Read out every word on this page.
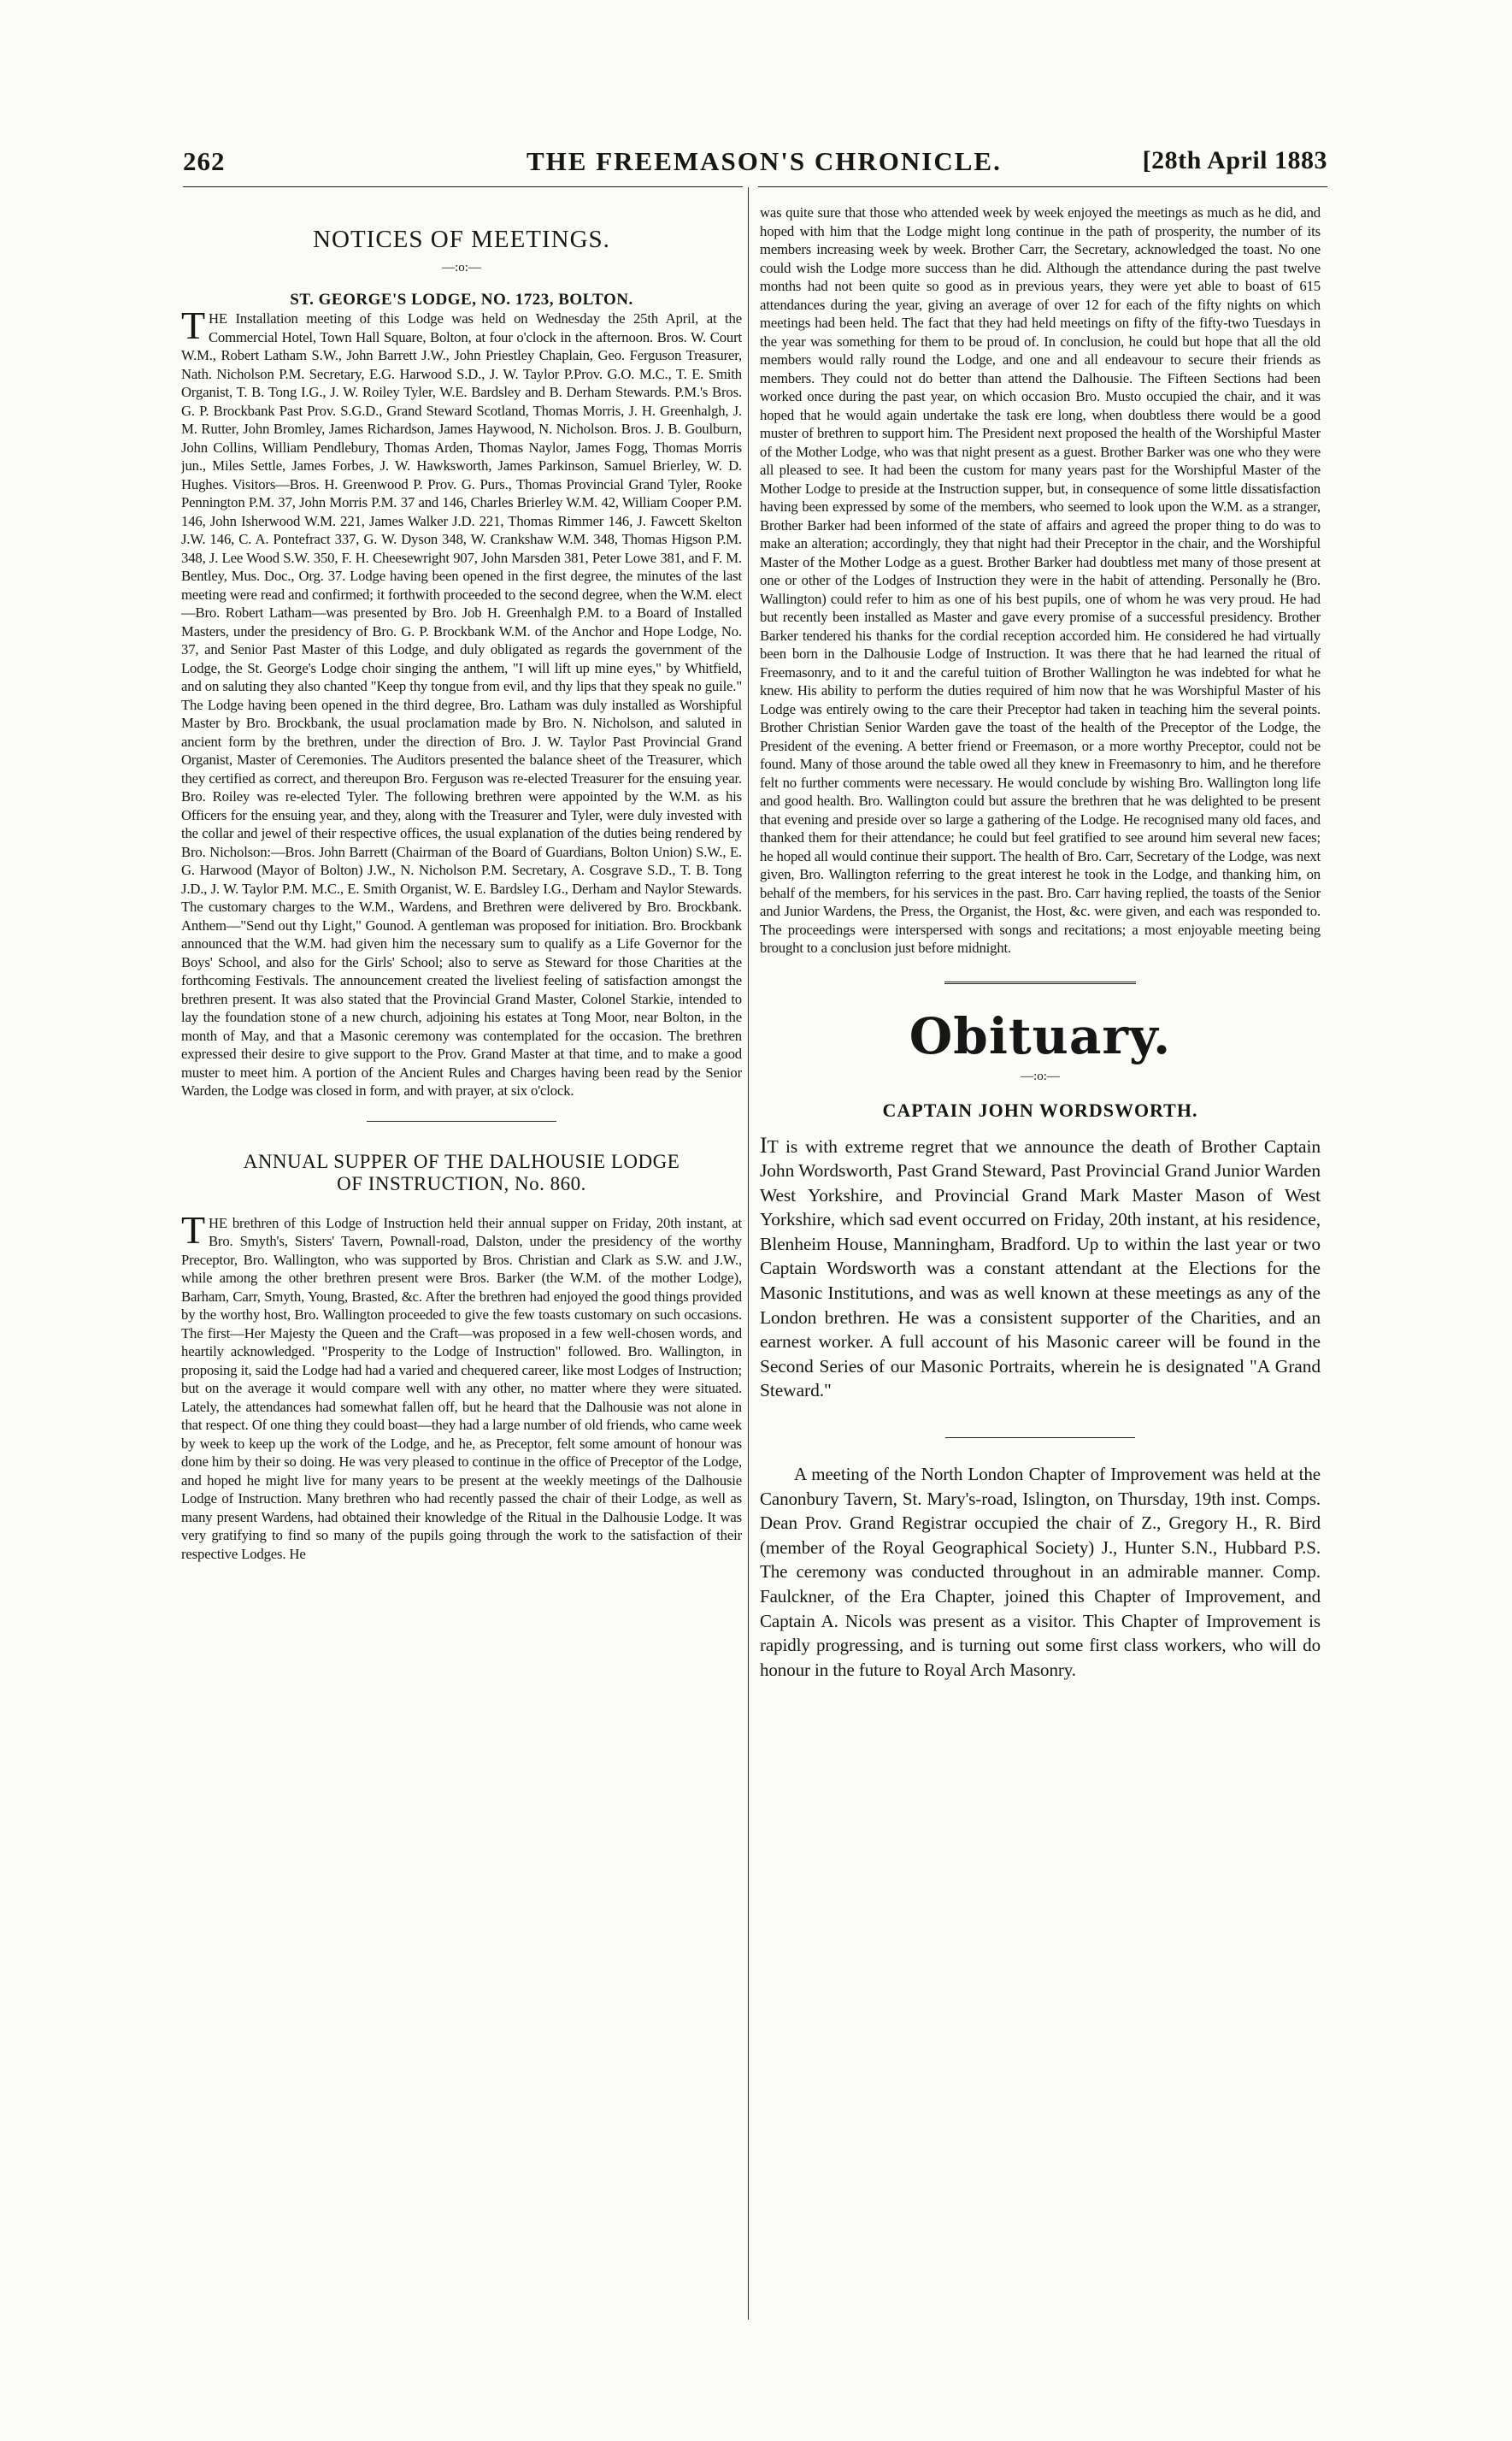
262	THE FREEMASON'S CHRONICLE.	[28th April 1883
NOTICES OF MEETINGS.
—:o:—
ST. GEORGE'S LODGE, NO. 1723, BOLTON.

THE Installation meeting of this Lodge was held on Wednesday the 25th April, at the Commercial Hotel, Town Hall Square, Bolton, at four o'clock in the afternoon. Bros. W. Court W.M., Robert Latham S.W., John Barrett J.W., John Priestley Chaplain, Geo. Ferguson Treasurer, Nath. Nicholson P.M. Secretary, E.G. Harwood S.D., J. W. Taylor P.Prov. G.O. M.C., T. E. Smith Organist, T. B. Tong I.G., J. W. Roiley Tyler, W.E. Bardsley and B. Derham Stewards. P.M.'s Bros. G. P. Brockbank Past Prov. S.G.D., Grand Steward Scotland, Thomas Morris, J. H. Greenhalgh, J. M. Rutter, John Bromley, James Richardson, James Haywood, N. Nicholson. Bros. J. B. Goulburn, John Collins, William Pendlebury, Thomas Arden, Thomas Naylor, James Fogg, Thomas Morris jun., Miles Settle, James Forbes, J. W. Hawksworth, James Parkinson, Samuel Brierley, W. D. Hughes. Visitors—Bros. H. Greenwood P. Prov. G. Purs., Thomas Provincial Grand Tyler, Rooke Pennington P.M. 37, John Morris P.M. 37 and 146, Charles Brierley W.M. 42, William Cooper P.M. 146, John Isherwood W.M. 221, James Walker J.D. 221, Thomas Rimmer 146, J. Fawcett Skelton J.W. 146, C. A. Pontefract 337, G. W. Dyson 348, W. Crankshaw W.M. 348, Thomas Higson P.M. 348, J. Lee Wood S.W. 350, F. H. Cheesewright 907, John Marsden 381, Peter Lowe 381, and F. M. Bentley, Mus. Doc., Org. 37. Lodge having been opened in the first degree, the minutes of the last meeting were read and confirmed; it forthwith proceeded to the second degree, when the W.M. elect—Bro. Robert Latham—was presented by Bro. Job H. Greenhalgh P.M. to a Board of Installed Masters, under the presidency of Bro. G. P. Brockbank W.M. of the Anchor and Hope Lodge, No. 37, and Senior Past Master of this Lodge, and duly obligated as regards the government of the Lodge, the St. George's Lodge choir singing the anthem, "I will lift up mine eyes," by Whitfield, and on saluting they also chanted "Keep thy tongue from evil, and thy lips that they speak no guile." The Lodge having been opened in the third degree, Bro. Latham was duly installed as Worshipful Master by Bro. Brockbank, the usual proclamation made by Bro. N. Nicholson, and saluted in ancient form by the brethren, under the direction of Bro. J. W. Taylor Past Provincial Grand Organist, Master of Ceremonies. The Auditors presented the balance sheet of the Treasurer, which they certified as correct, and thereupon Bro. Ferguson was re-elected Treasurer for the ensuing year. Bro. Roiley was re-elected Tyler. The following brethren were appointed by the W.M. as his Officers for the ensuing year, and they, along with the Treasurer and Tyler, were duly invested with the collar and jewel of their respective offices, the usual explanation of the duties being rendered by Bro. Nicholson:—Bros. John Barrett (Chairman of the Board of Guardians, Bolton Union) S.W., E. G. Harwood (Mayor of Bolton) J.W., N. Nicholson P.M. Secretary, A. Cosgrave S.D., T. B. Tong J.D., J. W. Taylor P.M. M.C., E. Smith Organist, W. E. Bardsley I.G., Derham and Naylor Stewards. The customary charges to the W.M., Wardens, and Brethren were delivered by Bro. Brockbank. Anthem—"Send out thy Light," Gounod. A gentleman was proposed for initiation. Bro. Brockbank announced that the W.M. had given him the necessary sum to qualify as a Life Governor for the Boys' School, and also for the Girls' School; also to serve as Steward for those Charities at the forthcoming Festivals. The announcement created the liveliest feeling of satisfaction amongst the brethren present. It was also stated that the Provincial Grand Master, Colonel Starkie, intended to lay the foundation stone of a new church, adjoining his estates at Tong Moor, near Bolton, in the month of May, and that a Masonic ceremony was contemplated for the occasion. The brethren expressed their desire to give support to the Prov. Grand Master at that time, and to make a good muster to meet him. A portion of the Ancient Rules and Charges having been read by the Senior Warden, the Lodge was closed in form, and with prayer, at six o'clock.

ANNUAL SUPPER OF THE DALHOUSIE LODGE
OF INSTRUCTION, No. 860.

THE brethren of this Lodge of Instruction held their annual supper on Friday, 20th instant, at Bro. Smyth's, Sisters' Tavern, Pownall-road, Dalston, under the presidency of the worthy Preceptor, Bro. Wallington, who was supported by Bros. Christian and Clark as S.W. and J.W., while among the other brethren present were Bros. Barker (the W.M. of the mother Lodge), Barham, Carr, Smyth, Young, Brasted, &c. After the brethren had enjoyed the good things provided by the worthy host, Bro. Wallington proceeded to give the few toasts customary on such occasions. The first—Her Majesty the Queen and the Craft—was proposed in a few well-chosen words, and heartily acknowledged. "Prosperity to the Lodge of Instruction" followed. Bro. Wallington, in proposing it, said the Lodge had had a varied and chequered career, like most Lodges of Instruction; but on the average it would compare well with any other, no matter where they were situated. Lately, the attendances had somewhat fallen off, but he heard that the Dalhousie was not alone in that respect. Of one thing they could boast—they had a large number of old friends, who came week by week to keep up the work of the Lodge, and he, as Preceptor, felt some amount of honour was done him by their so doing. He was very pleased to continue in the office of Preceptor of the Lodge, and hoped he might live for many years to be present at the weekly meetings of the Dalhousie Lodge of Instruction. Many brethren who had recently passed the chair of their Lodge, as well as many present Wardens, had obtained their knowledge of the Ritual in the Dalhousie Lodge. It was very gratifying to find so many of the pupils going through the work to the satisfaction of their respective Lodges. He

was quite sure that those who attended week by week enjoyed the meetings as much as he did, and hoped with him that the Lodge might long continue in the path of prosperity, the number of its members increasing week by week. Brother Carr, the Secretary, acknowledged the toast. No one could wish the Lodge more success than he did. Although the attendance during the past twelve months had not been quite so good as in previous years, they were yet able to boast of 615 attendances during the year, giving an average of over 12 for each of the fifty nights on which meetings had been held. The fact that they had held meetings on fifty of the fifty-two Tuesdays in the year was something for them to be proud of. In conclusion, he could but hope that all the old members would rally round the Lodge, and one and all endeavour to secure their friends as members. They could not do better than attend the Dalhousie. The Fifteen Sections had been worked once during the past year, on which occasion Bro. Musto occupied the chair, and it was hoped that he would again undertake the task ere long, when doubtless there would be a good muster of brethren to support him. The President next proposed the health of the Worshipful Master of the Mother Lodge, who was that night present as a guest. Brother Barker was one who they were all pleased to see. It had been the custom for many years past for the Worshipful Master of the Mother Lodge to preside at the Instruction supper, but, in consequence of some little dissatisfaction having been expressed by some of the members, who seemed to look upon the W.M. as a stranger, Brother Barker had been informed of the state of affairs and agreed the proper thing to do was to make an alteration; accordingly, they that night had their Preceptor in the chair, and the Worshipful Master of the Mother Lodge as a guest. Brother Barker had doubtless met many of those present at one or other of the Lodges of Instruction they were in the habit of attending. Personally he (Bro. Wallington) could refer to him as one of his best pupils, one of whom he was very proud. He had but recently been installed as Master and gave every promise of a successful presidency. Brother Barker tendered his thanks for the cordial reception accorded him. He considered he had virtually been born in the Dalhousie Lodge of Instruction. It was there that he had learned the ritual of Freemasonry, and to it and the careful tuition of Brother Wallington he was indebted for what he knew. His ability to perform the duties required of him now that he was Worshipful Master of his Lodge was entirely owing to the care their Preceptor had taken in teaching him the several points. Brother Christian Senior Warden gave the toast of the health of the Preceptor of the Lodge, the President of the evening. A better friend or Freemason, or a more worthy Preceptor, could not be found. Many of those around the table owed all they knew in Freemasonry to him, and he therefore felt no further comments were necessary. He would conclude by wishing Bro. Wallington long life and good health. Bro. Wallington could but assure the brethren that he was delighted to be present that evening and preside over so large a gathering of the Lodge. He recognised many old faces, and thanked them for their attendance; he could but feel gratified to see around him several new faces; he hoped all would continue their support. The health of Bro. Carr, Secretary of the Lodge, was next given, Bro. Wallington referring to the great interest he took in the Lodge, and thanking him, on behalf of the members, for his services in the past. Bro. Carr having replied, the toasts of the Senior and Junior Wardens, the Press, the Organist, the Host, &c. were given, and each was responded to. The proceedings were interspersed with songs and recitations; a most enjoyable meeting being brought to a conclusion just before midnight.

Obituary.
—:o:—
CAPTAIN JOHN WORDSWORTH.

IT is with extreme regret that we announce the death of Brother Captain John Wordsworth, Past Grand Steward, Past Provincial Grand Junior Warden West Yorkshire, and Provincial Grand Mark Master Mason of West Yorkshire, which sad event occurred on Friday, 20th instant, at his residence, Blenheim House, Manningham, Bradford. Up to within the last year or two Captain Wordsworth was a constant attendant at the Elections for the Masonic Institutions, and was as well known at these meetings as any of the London brethren. He was a consistent supporter of the Charities, and an earnest worker. A full account of his Masonic career will be found in the Second Series of our Masonic Portraits, wherein he is designated "A Grand Steward."

A meeting of the North London Chapter of Improvement was held at the Canonbury Tavern, St. Mary's-road, Islington, on Thursday, 19th inst. Comps. Dean Prov. Grand Registrar occupied the chair of Z., Gregory H., R. Bird (member of the Royal Geographical Society) J., Hunter S.N., Hubbard P.S. The ceremony was conducted throughout in an admirable manner. Comp. Faulckner, of the Era Chapter, joined this Chapter of Improvement, and Captain A. Nicols was present as a visitor. This Chapter of Improvement is rapidly progressing, and is turning out some first class workers, who will do honour in the future to Royal Arch Masonry.
